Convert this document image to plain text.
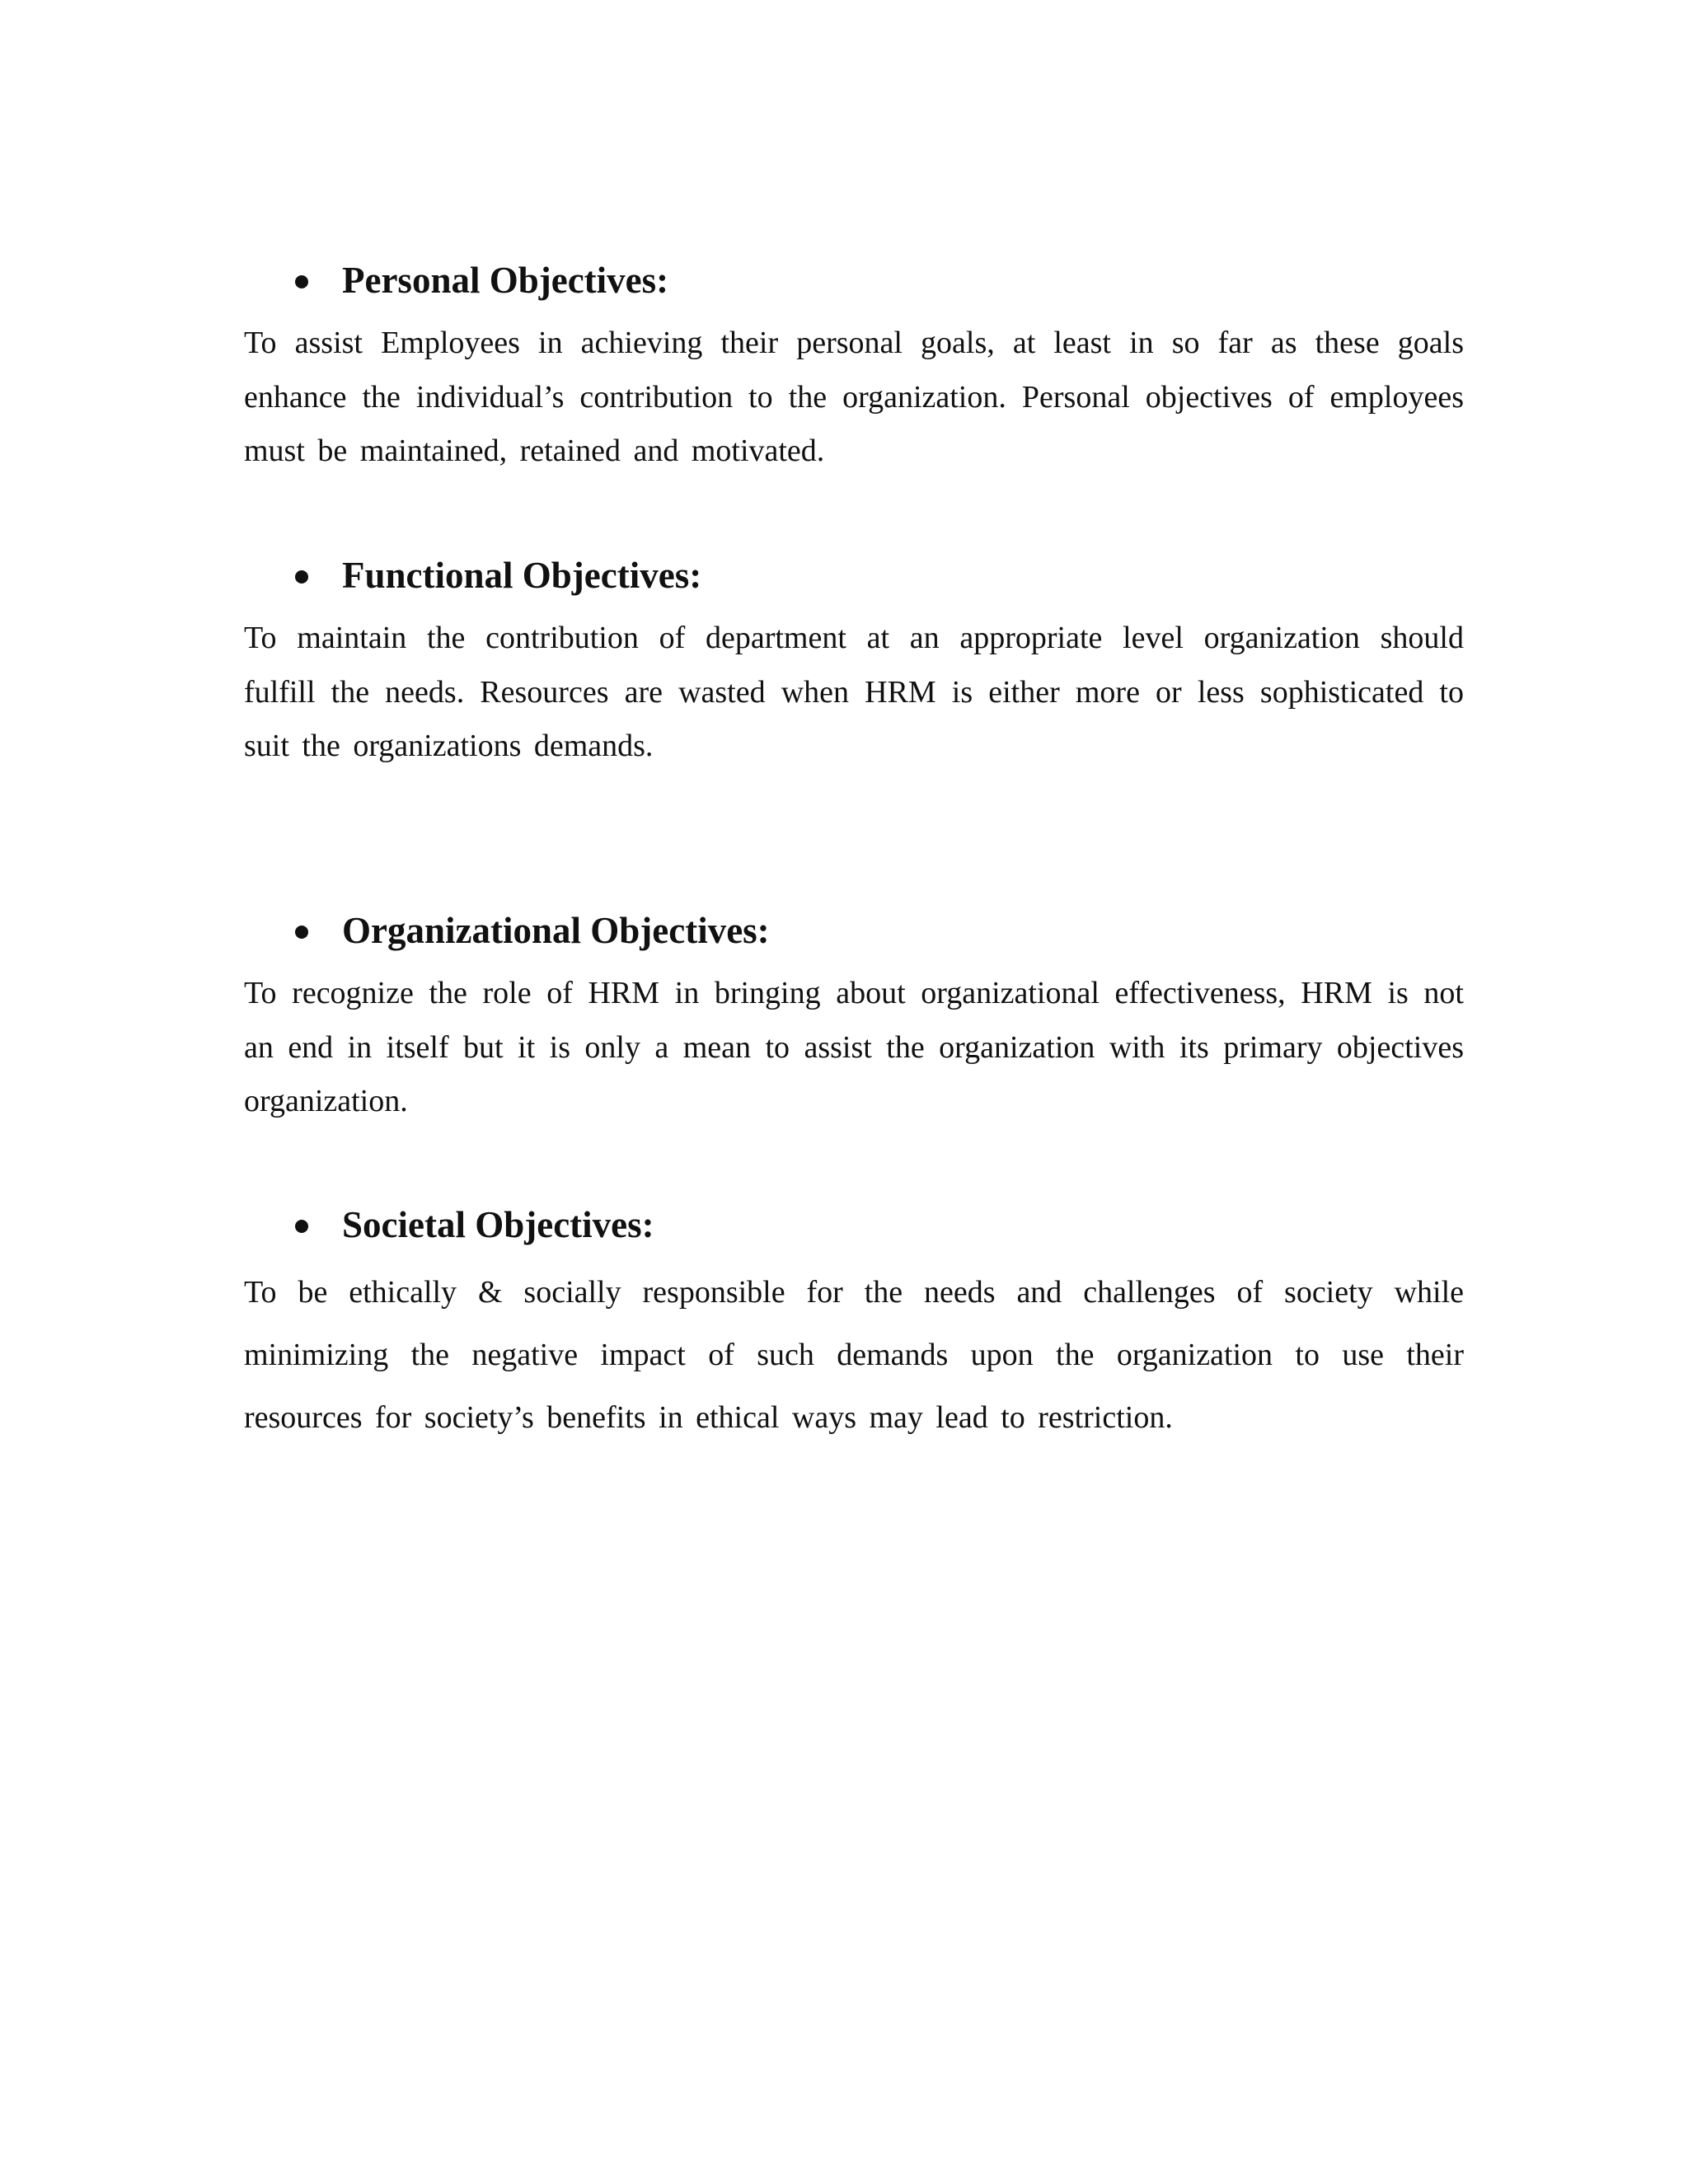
Personal Objectives:

To assist Employees in achieving their personal goals, at least in so far as these goals enhance the individual’s contribution to the organization. Personal objectives of employees must be maintained, retained and motivated.

Functional Objectives:

To maintain the contribution of department at an appropriate level organization should fulfill the needs. Resources are wasted when HRM is either more or less sophisticated to suit the organizations demands.

Organizational Objectives:

To recognize the role of HRM in bringing about organizational effectiveness, HRM is not an end in itself but it is only a mean to assist the organization with its primary objectives organization.

Societal Objectives:

To be ethically & socially responsible for the needs and challenges of society while minimizing the negative impact of such demands upon the organization to use their resources for society’s benefits in ethical ways may lead to restriction.
